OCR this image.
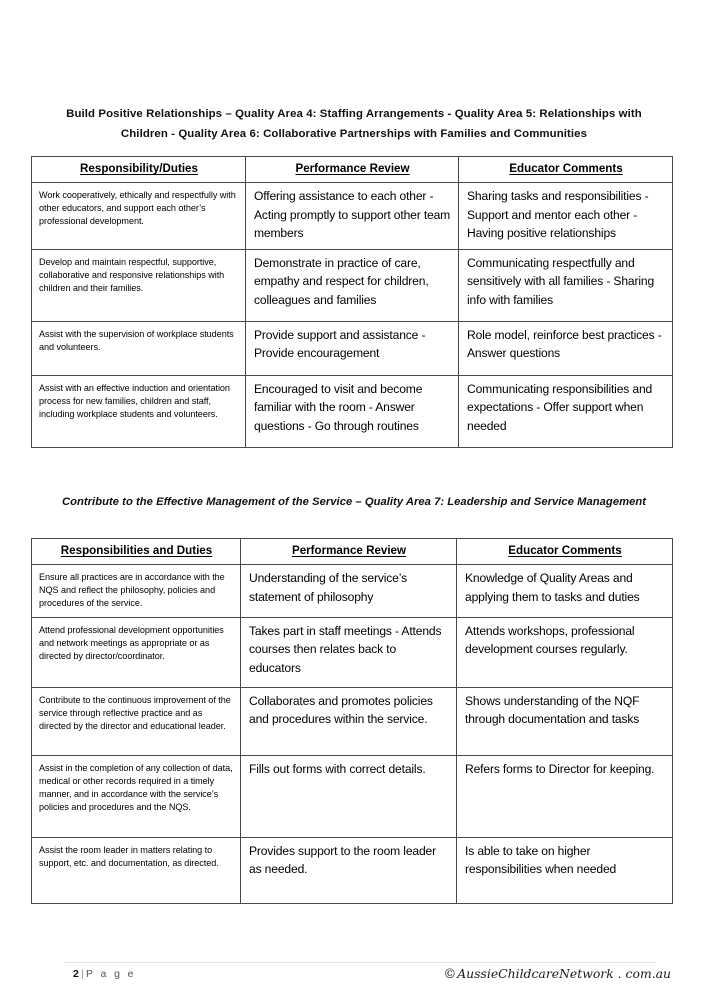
Build Positive Relationships – Quality Area 4: Staffing Arrangements - Quality Area 5: Relationships with Children - Quality Area 6: Collaborative Partnerships with Families and Communities
Responsibility/Duties	Performance Review	Educator Comments
Work cooperatively, ethically and respectfully with other educators, and support each other’s professional development.	Offering assistance to each other - Acting promptly to support other team members	Sharing tasks and responsibilities - Support and mentor each other - Having positive relationships
Develop and maintain respectful, supportive, collaborative and responsive relationships with children and their families.	Demonstrate in practice of care, empathy and respect for children, colleagues and families	Communicating respectfully and sensitively with all families - Sharing info with families
Assist with the supervision of workplace students and volunteers.	Provide support and assistance - Provide encouragement	Role model, reinforce best practices - Answer questions
Assist with an effective induction and orientation process for new families, children and staff, including workplace students and volunteers.	Encouraged to visit and become familiar with the room - Answer questions - Go through routines	Communicating responsibilities and expectations - Offer support when needed
Contribute to the Effective Management of the Service – Quality Area 7: Leadership and Service Management
Responsibilities and Duties	Performance Review	Educator Comments
Ensure all practices are in accordance with the NQS and reflect the philosophy, policies and procedures of the service.	Understanding of the service’s statement of philosophy	Knowledge of Quality Areas and applying them to tasks and duties
Attend professional development opportunities and network meetings as appropriate or as directed by director/coordinator.	Takes part in staff meetings - Attends courses then relates back to educators	Attends workshops, professional development courses regularly.
Contribute to the continuous improvement of the service through reflective practice and as directed by the director and educational leader.	Collaborates and promotes policies and procedures within the service.	Shows understanding of the NQF through documentation and tasks
Assist in the completion of any collection of data, medical or other records required in a timely manner, and in accordance with the service’s policies and procedures and the NQS.	Fills out forms with correct details.	Refers forms to Director for keeping.
Assist the room leader in matters relating to support, etc. and documentation, as directed.	Provides support to the room leader as needed.	Is able to take on higher responsibilities when needed
2 | P a g e	©AussieChildcareNetwork . com.au
